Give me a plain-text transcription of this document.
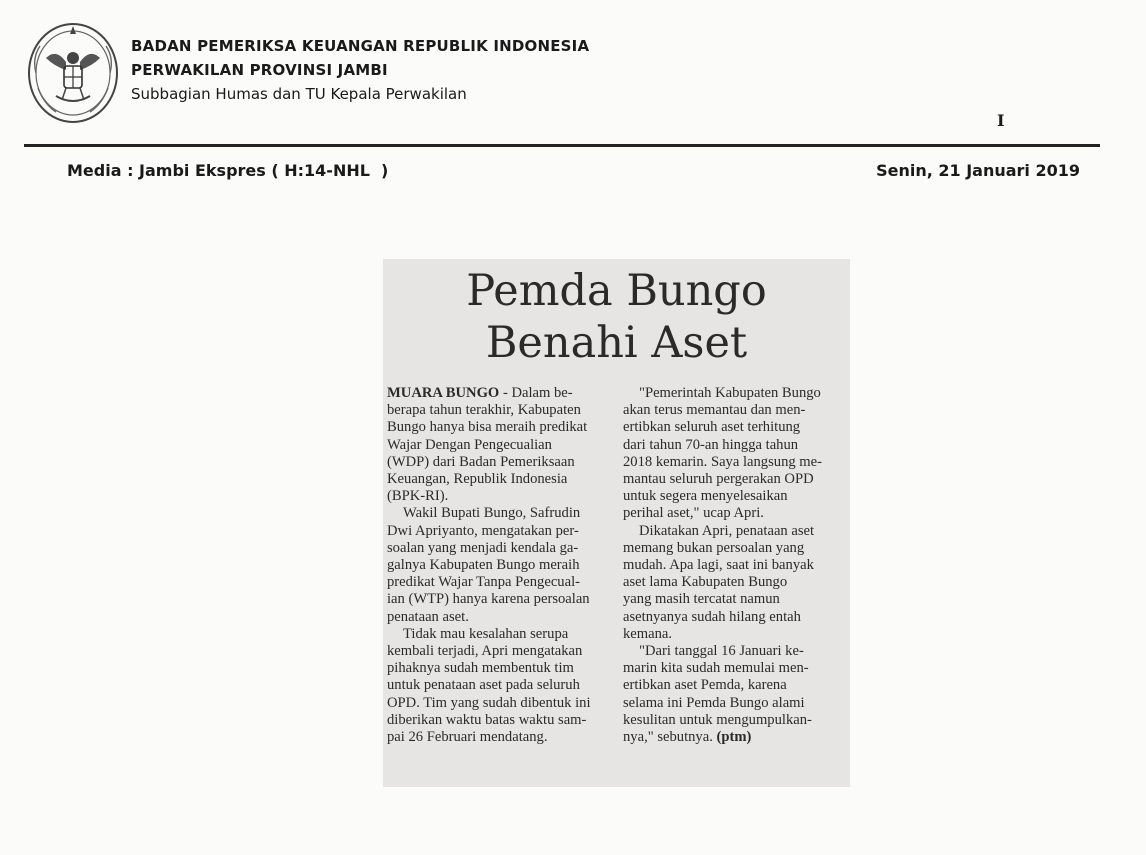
BADAN PEMERIKSA KEUANGAN REPUBLIK INDONESIA
PERWAKILAN PROVINSI JAMBI
Subbagian Humas dan TU Kepala Perwakilan
I
Media : Jambi Ekspres ( H:14-NHL  )	Senin, 21 Januari 2019
Pemda Bungo
Benahi Aset
MUARA BUNGO - Dalam be-
berapa tahun terakhir, Kabupaten
Bungo hanya bisa meraih predikat
Wajar Dengan Pengecualian
(WDP) dari Badan Pemeriksaan
Keuangan, Republik Indonesia
(BPK-RI).
Wakil Bupati Bungo, Safrudin
Dwi Apriyanto, mengatakan per-
soalan yang menjadi kendala ga-
galnya Kabupaten Bungo meraih
predikat Wajar Tanpa Pengecual-
ian (WTP) hanya karena persoalan
penataan aset.
Tidak mau kesalahan serupa
kembali terjadi, Apri mengatakan
pihaknya sudah membentuk tim
untuk penataan aset pada seluruh
OPD. Tim yang sudah dibentuk ini
diberikan waktu batas waktu sam-
pai 26 Februari mendatang.
"Pemerintah Kabupaten Bungo
akan terus memantau dan men-
ertibkan seluruh aset terhitung
dari tahun 70-an hingga tahun
2018 kemarin. Saya langsung me-
mantau seluruh pergerakan OPD
untuk segera menyelesaikan
perihal aset," ucap Apri.
Dikatakan Apri, penataan aset
memang bukan persoalan yang
mudah. Apa lagi, saat ini banyak
aset lama Kabupaten Bungo
yang masih tercatat namun
asetnyanya sudah hilang entah
kemana.
"Dari tanggal 16 Januari ke-
marin kita sudah memulai men-
ertibkan aset Pemda, karena
selama ini Pemda Bungo alami
kesulitan untuk mengumpulkan-
nya," sebutnya. (ptm)
